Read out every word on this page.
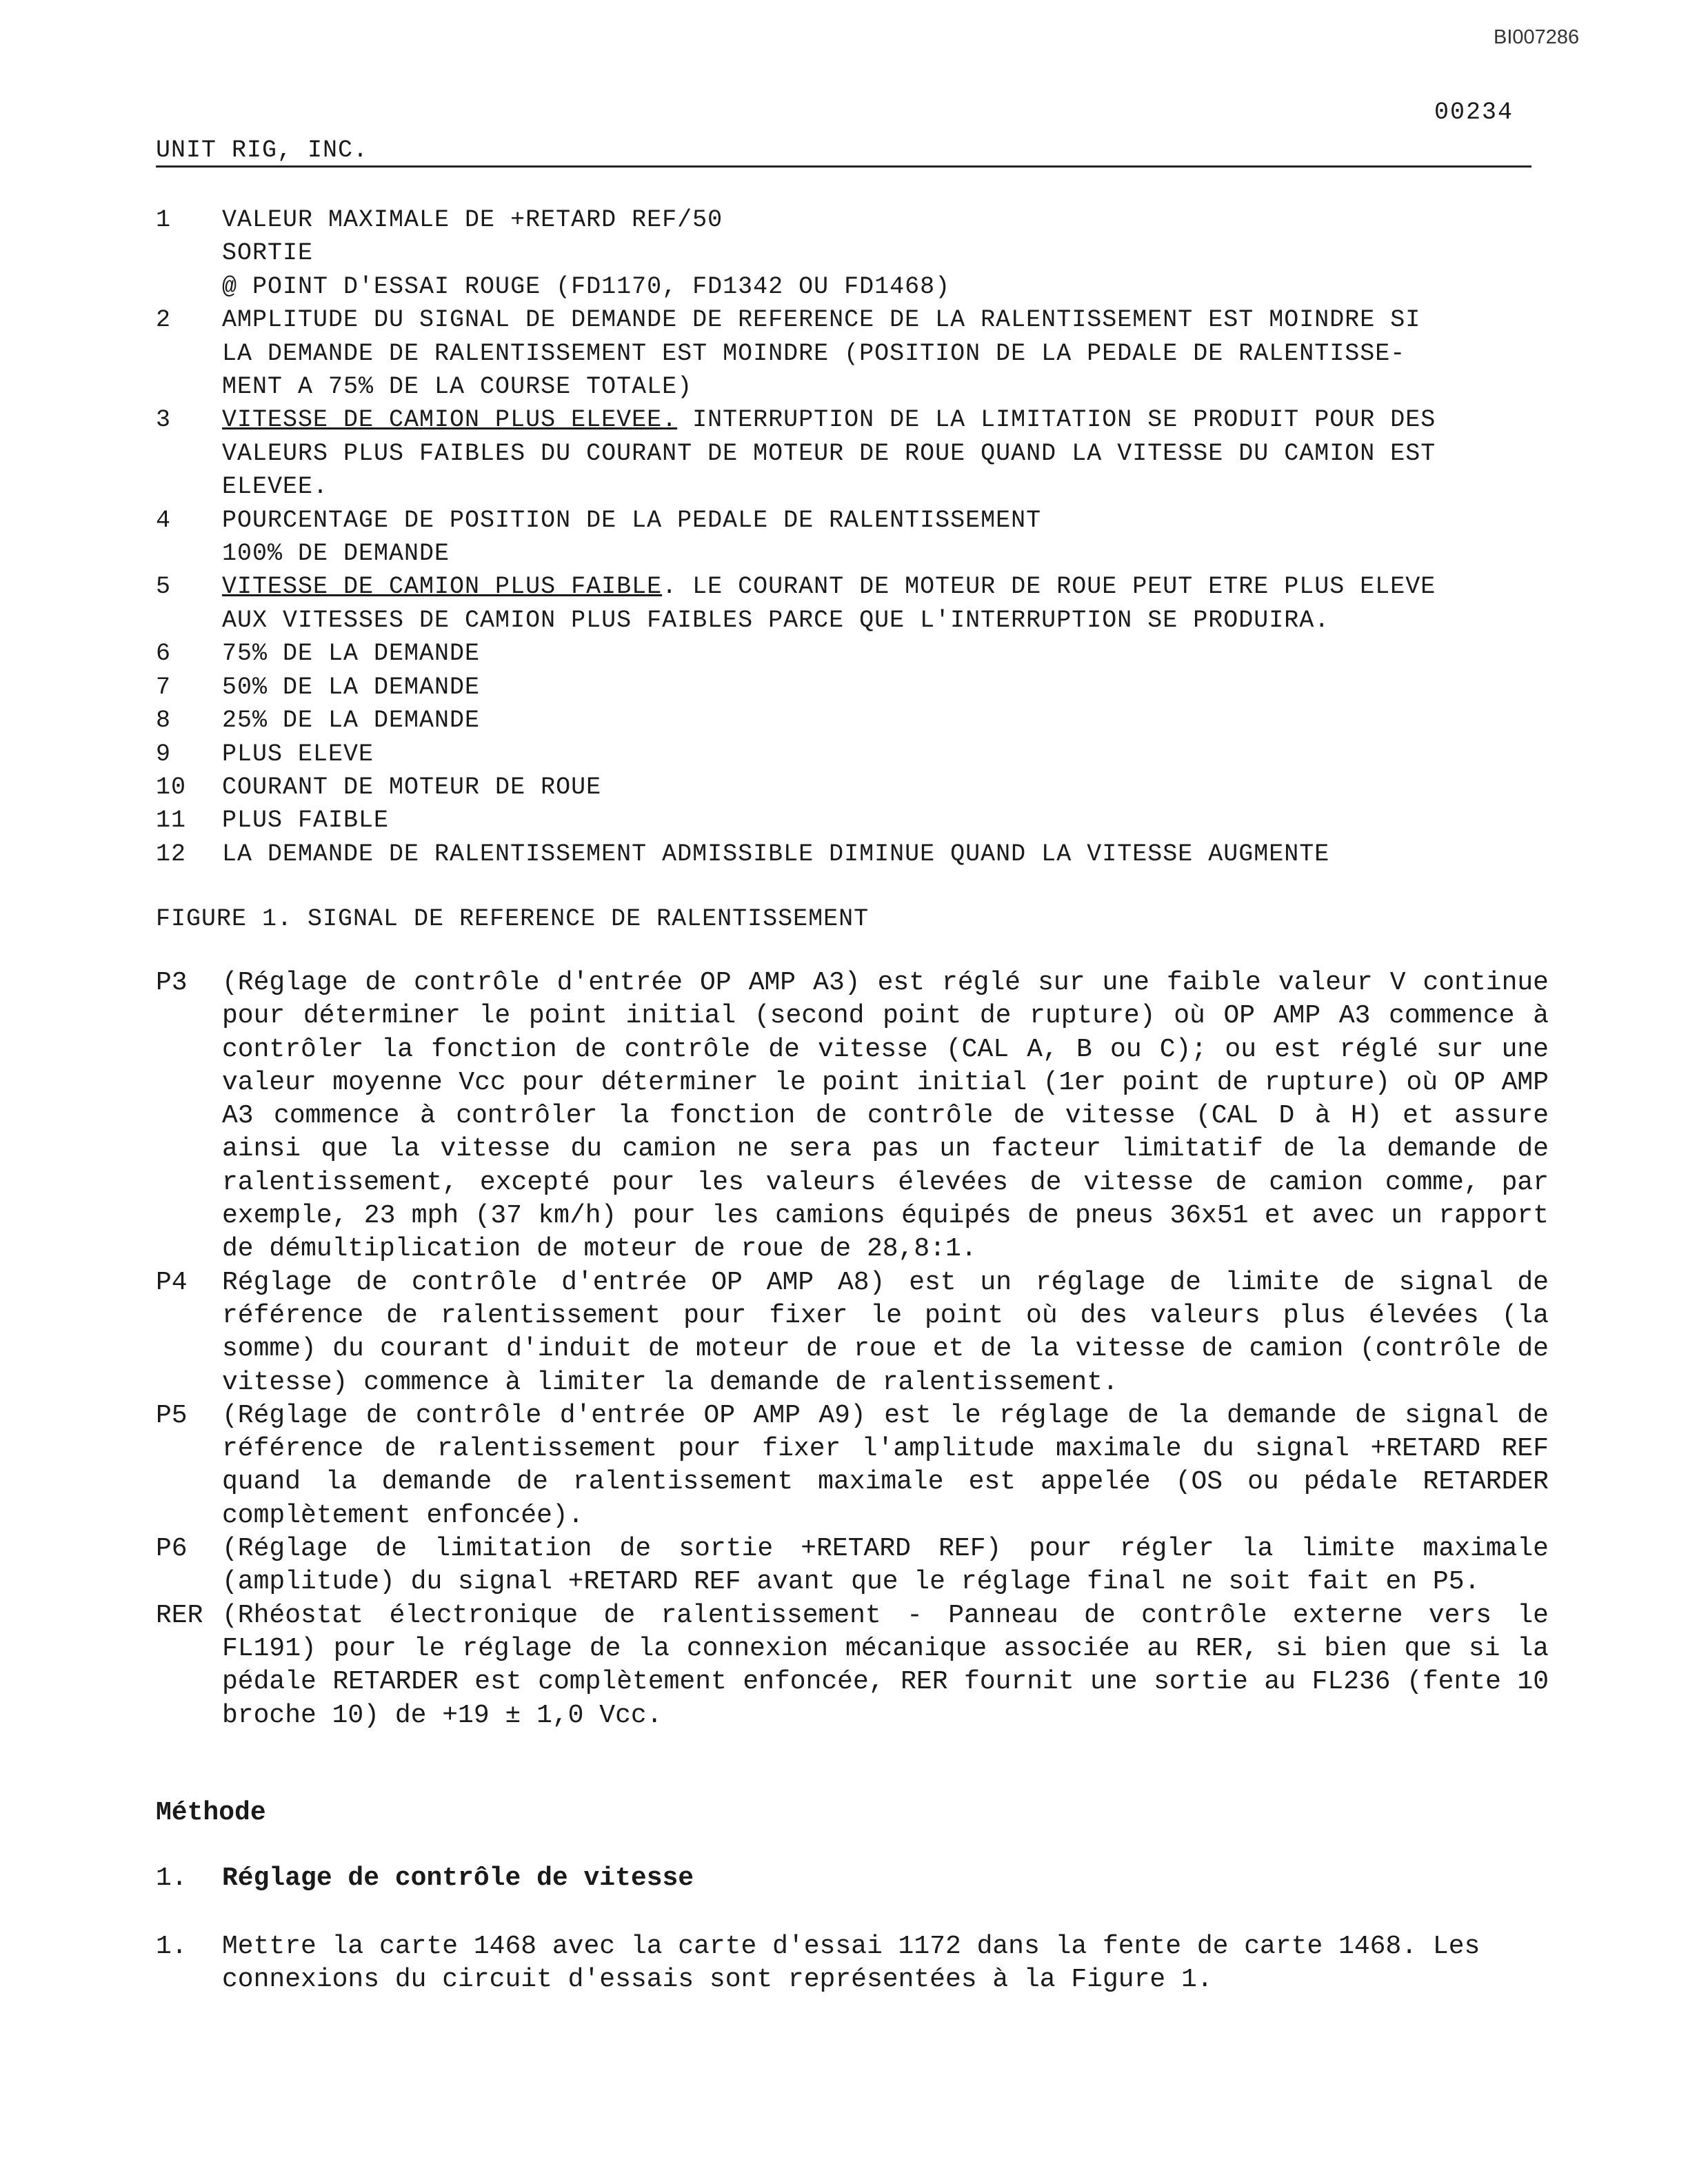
BI007286
00234
UNIT RIG, INC.
1	VALEUR MAXIMALE DE +RETARD REF/50
SORTIE
@ POINT D'ESSAI ROUGE (FD1170, FD1342 OU FD1468)
2	AMPLITUDE DU SIGNAL DE DEMANDE DE REFERENCE DE LA RALENTISSEMENT EST MOINDRE SI
LA DEMANDE DE RALENTISSEMENT EST MOINDRE (POSITION DE LA PEDALE DE RALENTISSE-
MENT A 75% DE LA COURSE TOTALE)
3	VITESSE DE CAMION PLUS ELEVEE. INTERRUPTION DE LA LIMITATION SE PRODUIT POUR DES
VALEURS PLUS FAIBLES DU COURANT DE MOTEUR DE ROUE QUAND LA VITESSE DU CAMION EST
ELEVEE.
4	POURCENTAGE DE POSITION DE LA PEDALE DE RALENTISSEMENT
100% DE DEMANDE
5	VITESSE DE CAMION PLUS FAIBLE. LE COURANT DE MOTEUR DE ROUE PEUT ETRE PLUS ELEVE
AUX VITESSES DE CAMION PLUS FAIBLES PARCE QUE L'INTERRUPTION SE PRODUIRA.
6	75% DE LA DEMANDE
7	50% DE LA DEMANDE
8	25% DE LA DEMANDE
9	PLUS ELEVE
10	COURANT DE MOTEUR DE ROUE
11	PLUS FAIBLE
12	LA DEMANDE DE RALENTISSEMENT ADMISSIBLE DIMINUE QUAND LA VITESSE AUGMENTE
FIGURE 1. SIGNAL DE REFERENCE DE RALENTISSEMENT
P3	(Réglage de contrôle d'entrée OP AMP A3) est réglé sur une faible valeur V continue pour déterminer le point initial (second point de rupture) où OP AMP A3 commence à contrôler la fonction de contrôle de vitesse (CAL A, B ou C); ou est réglé sur une valeur moyenne Vcc pour déterminer le point initial (1er point de rupture) où OP AMP A3 commence à contrôler la fonction de contrôle de vitesse (CAL D à H) et assure ainsi que la vitesse du camion ne sera pas un facteur limitatif de la demande de ralentissement, excepté pour les valeurs élevées de vitesse de camion comme, par exemple, 23 mph (37 km/h) pour les camions équipés de pneus 36x51 et avec un rapport de démultiplication de moteur de roue de 28,8:1.
P4	Réglage de contrôle d'entrée OP AMP A8) est un réglage de limite de signal de référence de ralentissement pour fixer le point où des valeurs plus élevées (la somme) du courant d'induit de moteur de roue et de la vitesse de camion (contrôle de vitesse) commence à limiter la demande de ralentissement.
P5	(Réglage de contrôle d'entrée OP AMP A9) est le réglage de la demande de signal de référence de ralentissement pour fixer l'amplitude maximale du signal +RETARD REF quand la demande de ralentissement maximale est appelée (OS ou pédale RETARDER complètement enfoncée).
P6	(Réglage de limitation de sortie +RETARD REF) pour régler la limite maximale (amplitude) du signal +RETARD REF avant que le réglage final ne soit fait en P5.
RER (Rhéostat électronique de ralentissement - Panneau de contrôle externe vers le FL191) pour le réglage de la connexion mécanique associée au RER, si bien que si la pédale RETARDER est complètement enfoncée, RER fournit une sortie au FL236 (fente 10 broche 10) de +19 ± 1,0 Vcc.
Méthode
1.	Réglage de contrôle de vitesse
1.	Mettre la carte 1468 avec la carte d'essai 1172 dans la fente de carte 1468. Les connexions du circuit d'essais sont représentées à la Figure 1.
